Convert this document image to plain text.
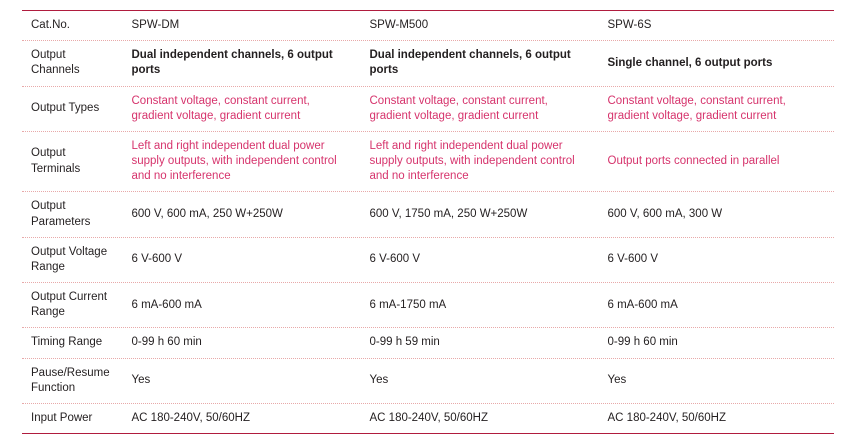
Cat.No.	SPW-DM	SPW-M500	SPW-6S

Output Channels	Dual independent channels, 6 output ports	Dual independent channels, 6 output ports	Single channel, 6 output ports

Output Types	Constant voltage, constant current, gradient voltage, gradient current	Constant voltage, constant current, gradient voltage, gradient current	Constant voltage, constant current, gradient voltage, gradient current

Output Terminals	Left and right independent dual power supply outputs, with independent control and no interference	Left and right independent dual power supply outputs, with independent control and no interference	Output ports connected in parallel

Output Parameters	600 V, 600 mA, 250 W+250W	600 V, 1750 mA, 250 W+250W	600 V, 600 mA, 300 W

Output Voltage Range	6 V-600 V	6 V-600 V	6 V-600 V

Output Current Range	6 mA-600 mA	6 mA-1750 mA	6 mA-600 mA

Timing Range	0-99 h 60 min	0-99 h 59 min	0-99 h 60 min

Pause/Resume Function	Yes	Yes	Yes

Input Power	AC 180-240V, 50/60HZ	AC 180-240V, 50/60HZ	AC 180-240V, 50/60HZ
